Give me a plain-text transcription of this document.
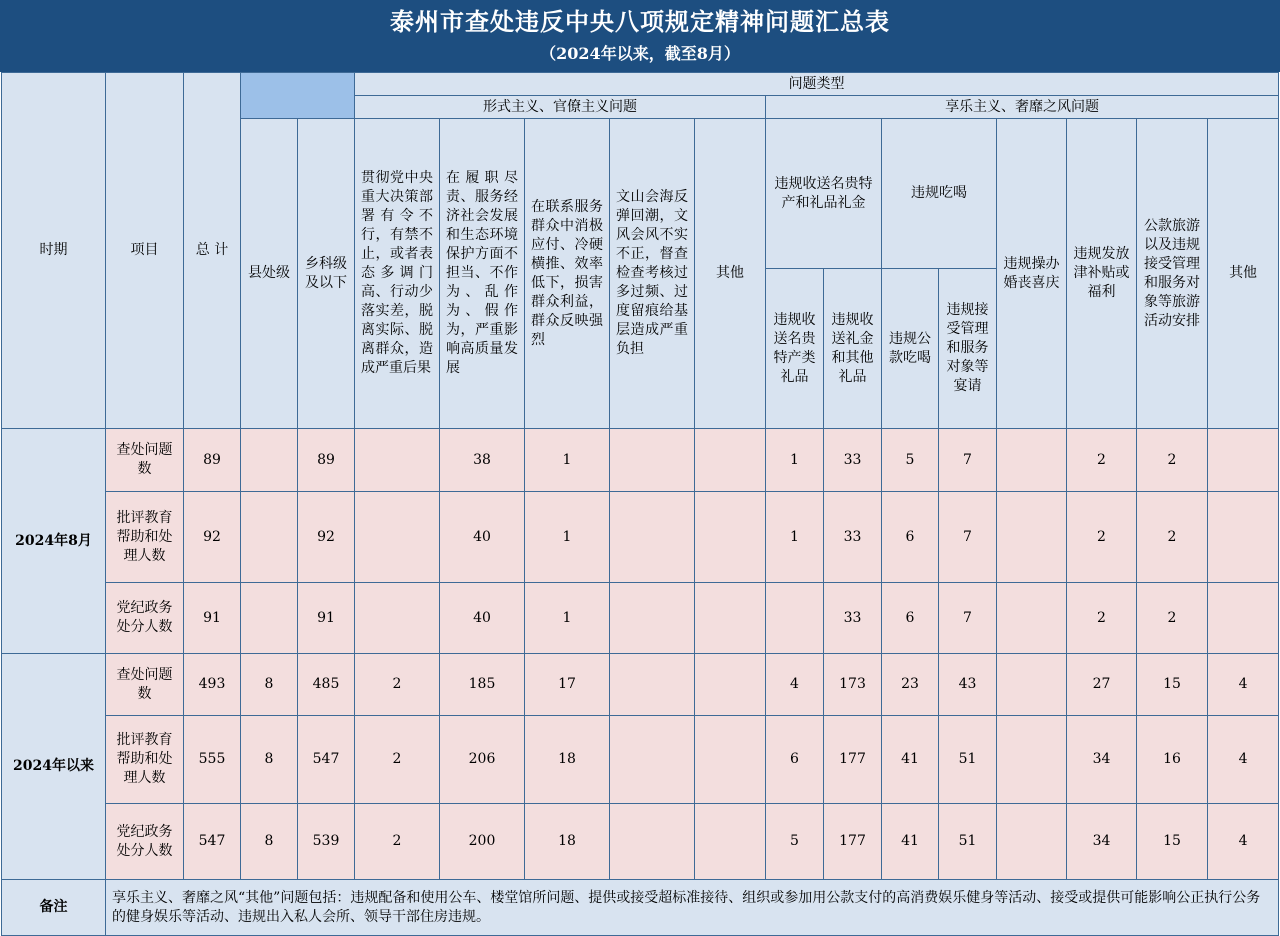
泰州市查处违反中央八项规定精神问题汇总表
（2024年以来，截至8月）
时期	项目	总 计			问题类型												
					形式主义、官僚主义问题					享乐主义、奢靡之风问题							
			县处级	乡科级及以下	贯彻党中央重大决策部署有令不行，有禁不止，或者表态多调门高、行动少落实差，脱离实际、脱离群众，造成严重后果	在履职尽责、服务经济社会发展和生态环境保护方面不担当、不作为、乱作为、假作为，严重影响高质量发展	在联系服务群众中消极应付、冷硬横推、效率低下，损害群众利益，群众反映强烈	文山会海反弹回潮，文风会风不实不正，督查检查考核过多过频、过度留痕给基层造成严重负担	其他	违规收送名贵特产和礼品礼金		违规吃喝		违规操办婚丧喜庆	违规发放津补贴或福利	公款旅游以及违规接受管理和服务对象等旅游活动安排	其他
										违规收送名贵特产类礼品	违规收送礼金和其他礼品	违规公款吃喝	违规接受管理和服务对象等宴请				
2024年8月	查处问题数	89		89		38	1			1	33	5	7		2	2	
	批评教育帮助和处理人数	92		92		40	1			1	33	6	7		2	2	
	党纪政务处分人数	91		91		40	1				33	6	7		2	2	
2024年以来	查处问题数	493	8	485	2	185	17			4	173	23	43		27	15	4
	批评教育帮助和处理人数	555	8	547	2	206	18			6	177	41	51		34	16	4
	党纪政务处分人数	547	8	539	2	200	18			5	177	41	51		34	15	4
备注	享乐主义、奢靡之风“其他”问题包括：违规配备和使用公车、楼堂馆所问题、提供或接受超标准接待、组织或参加用公款支付的高消费娱乐健身等活动、接受或提供可能影响公正执行公务的健身娱乐等活动、违规出入私人会所、领导干部住房违规。																
